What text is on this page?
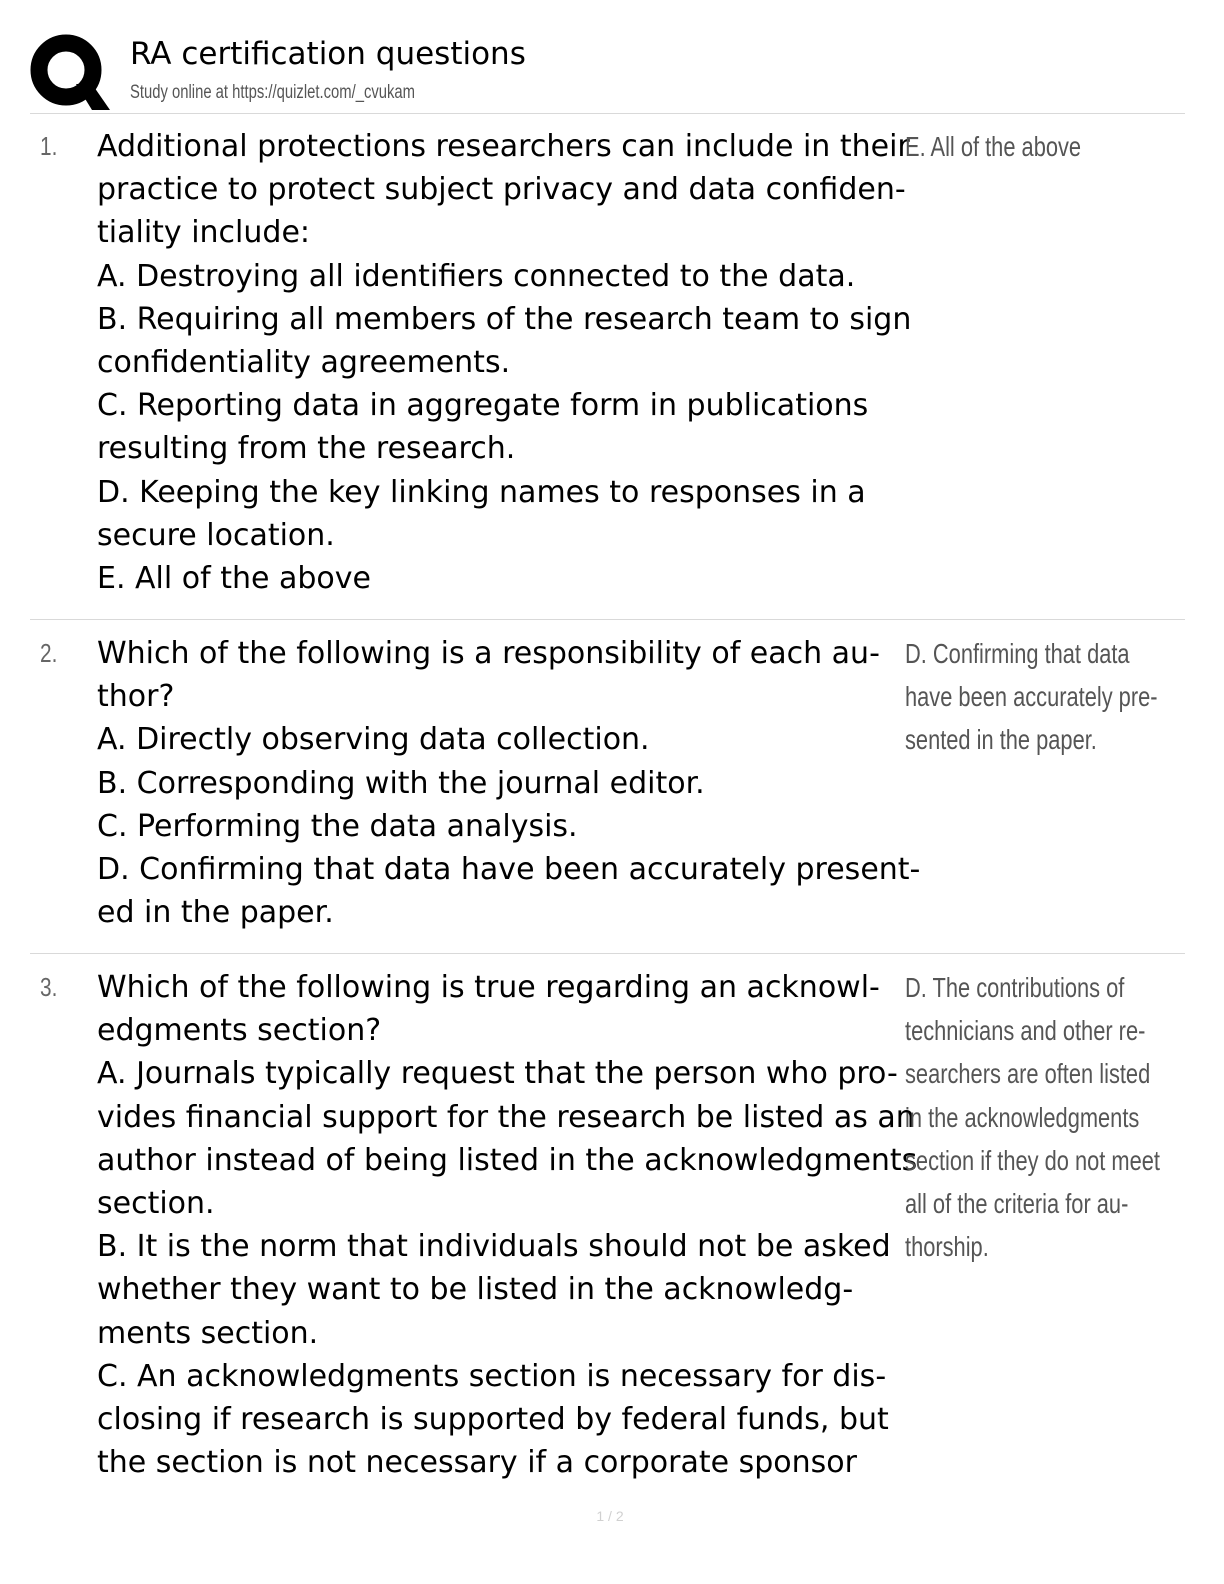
RA certification questions
Study online at https://quizlet.com/_cvukam
1. Additional protections researchers can include in their
practice to protect subject privacy and data confiden-
tiality include:
A. Destroying all identifiers connected to the data.
B. Requiring all members of the research team to sign
confidentiality agreements.
C. Reporting data in aggregate form in publications
resulting from the research.
D. Keeping the key linking names to responses in a
secure location.
E. All of the above
E. All of the above
2. Which of the following is a responsibility of each au-
thor?
A. Directly observing data collection.
B. Corresponding with the journal editor.
C. Performing the data analysis.
D. Confirming that data have been accurately present-
ed in the paper.
D. Confirming that data
have been accurately pre-
sented in the paper.
3. Which of the following is true regarding an acknowl-
edgments section?
A. Journals typically request that the person who pro-
vides financial support for the research be listed as an
author instead of being listed in the acknowledgments
section.
B. It is the norm that individuals should not be asked
whether they want to be listed in the acknowledg-
ments section.
C. An acknowledgments section is necessary for dis-
closing if research is supported by federal funds, but
the section is not necessary if a corporate sponsor
D. The contributions of
technicians and other re-
searchers are often listed
in the acknowledgments
section if they do not meet
all of the criteria for au-
thorship.
1 / 2
